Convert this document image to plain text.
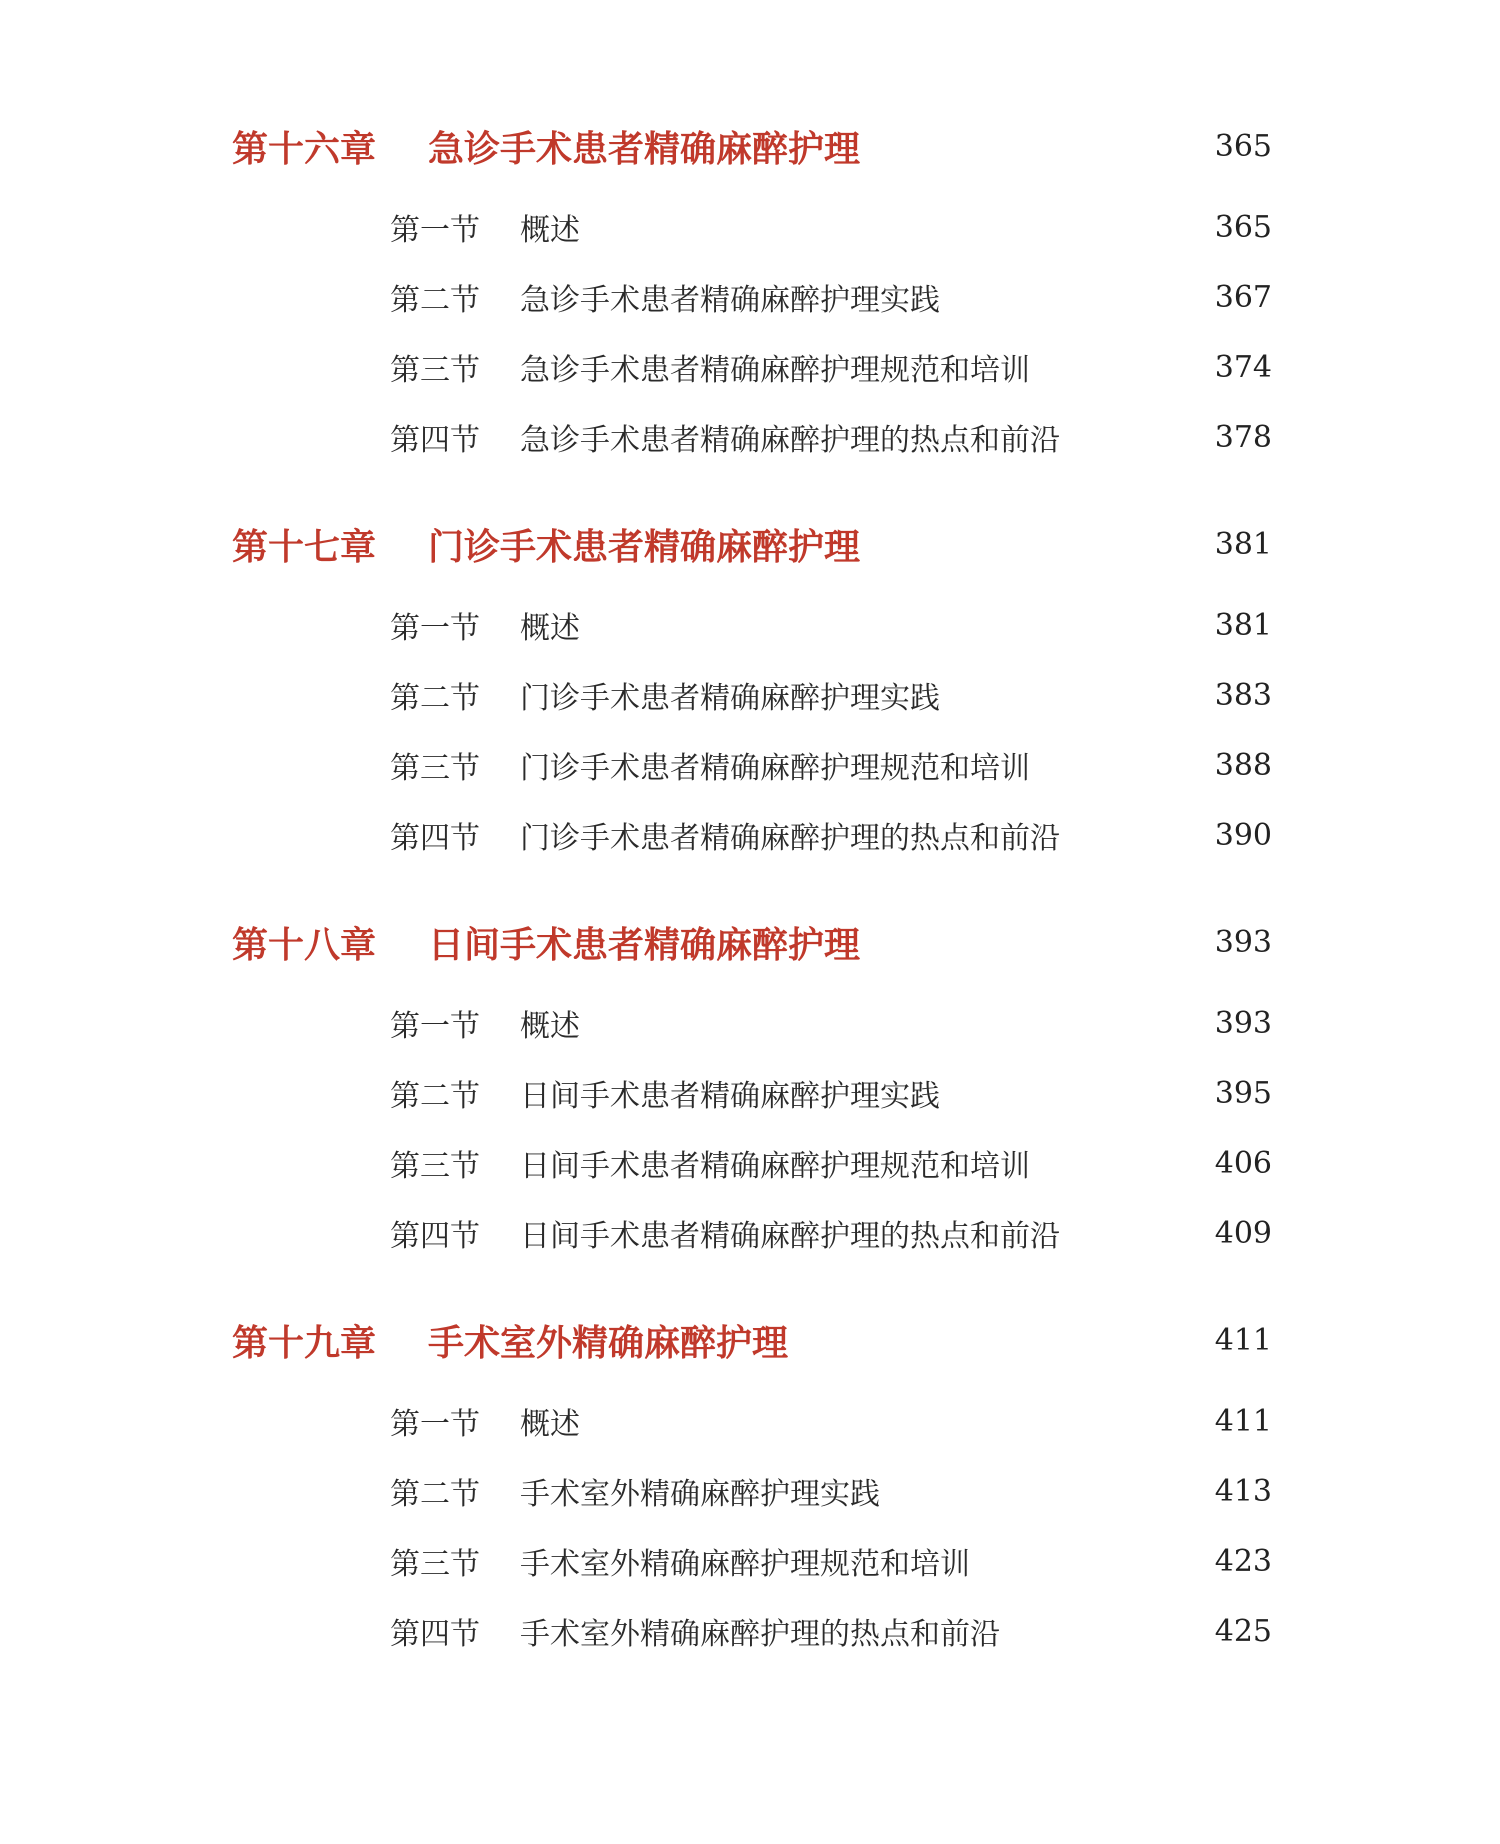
第十六章	急诊手术患者精确麻醉护理	365
第一节	概述	365
第二节	急诊手术患者精确麻醉护理实践	367
第三节	急诊手术患者精确麻醉护理规范和培训	374
第四节	急诊手术患者精确麻醉护理的热点和前沿	378
第十七章	门诊手术患者精确麻醉护理	381
第一节	概述	381
第二节	门诊手术患者精确麻醉护理实践	383
第三节	门诊手术患者精确麻醉护理规范和培训	388
第四节	门诊手术患者精确麻醉护理的热点和前沿	390
第十八章	日间手术患者精确麻醉护理	393
第一节	概述	393
第二节	日间手术患者精确麻醉护理实践	395
第三节	日间手术患者精确麻醉护理规范和培训	406
第四节	日间手术患者精确麻醉护理的热点和前沿	409
第十九章	手术室外精确麻醉护理	411
第一节	概述	411
第二节	手术室外精确麻醉护理实践	413
第三节	手术室外精确麻醉护理规范和培训	423
第四节	手术室外精确麻醉护理的热点和前沿	425
